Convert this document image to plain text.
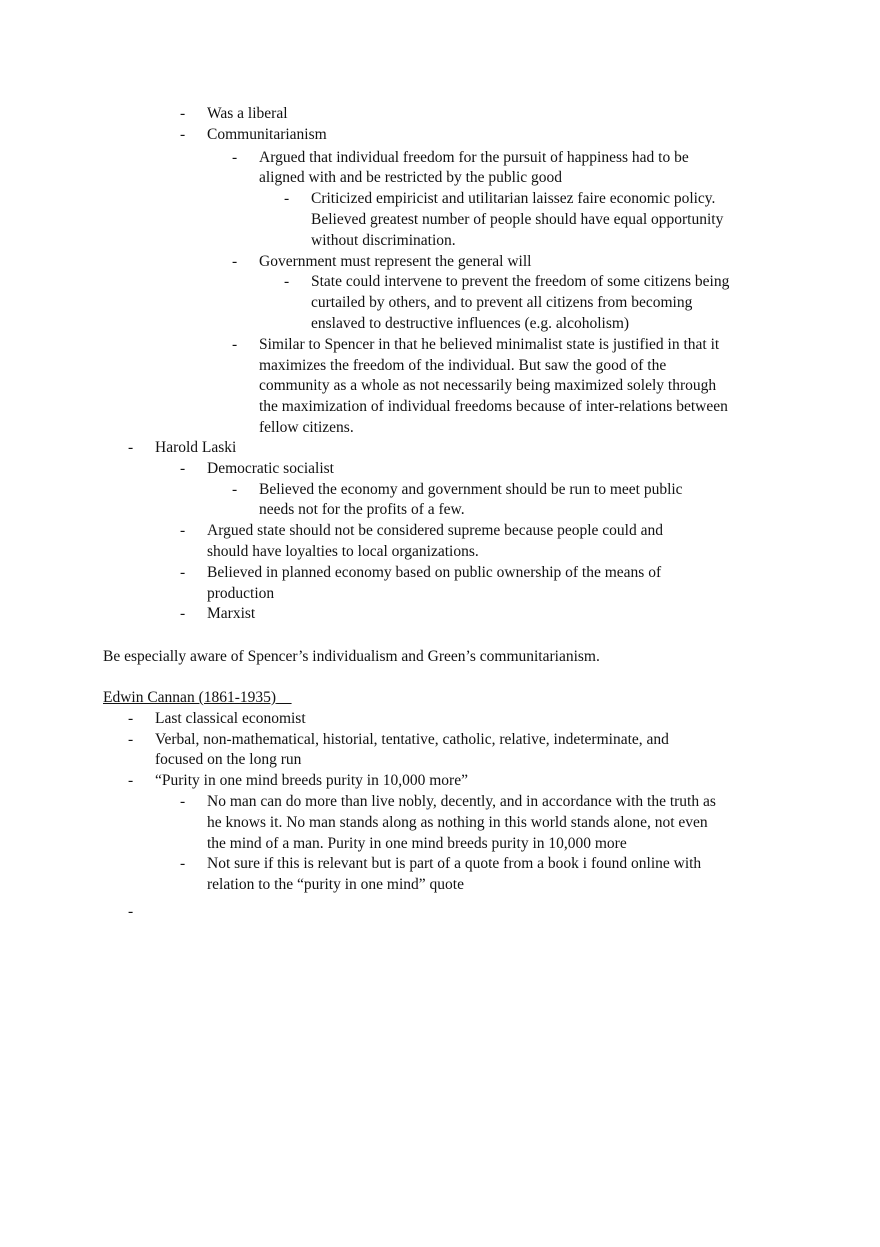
-	Was a liberal
-	Communitarianism
-	Argued that individual freedom for the pursuit of happiness had to be aligned with and be restricted by the public good
-	Criticized empiricist and utilitarian laissez faire economic policy. Believed greatest number of people should have equal opportunity without discrimination.
-	Government must represent the general will
-	State could intervene to prevent the freedom of some citizens being curtailed by others, and to prevent all citizens from becoming enslaved to destructive influences (e.g. alcoholism)
-	Similar to Spencer in that he believed minimalist state is justified in that it maximizes the freedom of the individual. But saw the good of the community as a whole as not necessarily being maximized solely through the maximization of individual freedoms because of inter-relations between fellow citizens.
-	Harold Laski
-	Democratic socialist
-	Believed the economy and government should be run to meet public needs not for the profits of a few.
-	Argued state should not be considered supreme because people could and should have loyalties to local organizations.
-	Believed in planned economy based on public ownership of the means of production
-	Marxist
Be especially aware of Spencer’s individualism and Green’s communitarianism.
Edwin Cannan (1861-1935)
-	Last classical economist
-	Verbal, non-mathematical, historial, tentative, catholic, relative, indeterminate, and focused on the long run
-	“Purity in one mind breeds purity in 10,000 more”
-	No man can do more than live nobly, decently, and in accordance with the truth as he knows it. No man stands along as nothing in this world stands alone, not even the mind of a man. Purity in one mind breeds purity in 10,000 more
-	Not sure if this is relevant but is part of a quote from a book i found online with relation to the “purity in one mind” quote
-
